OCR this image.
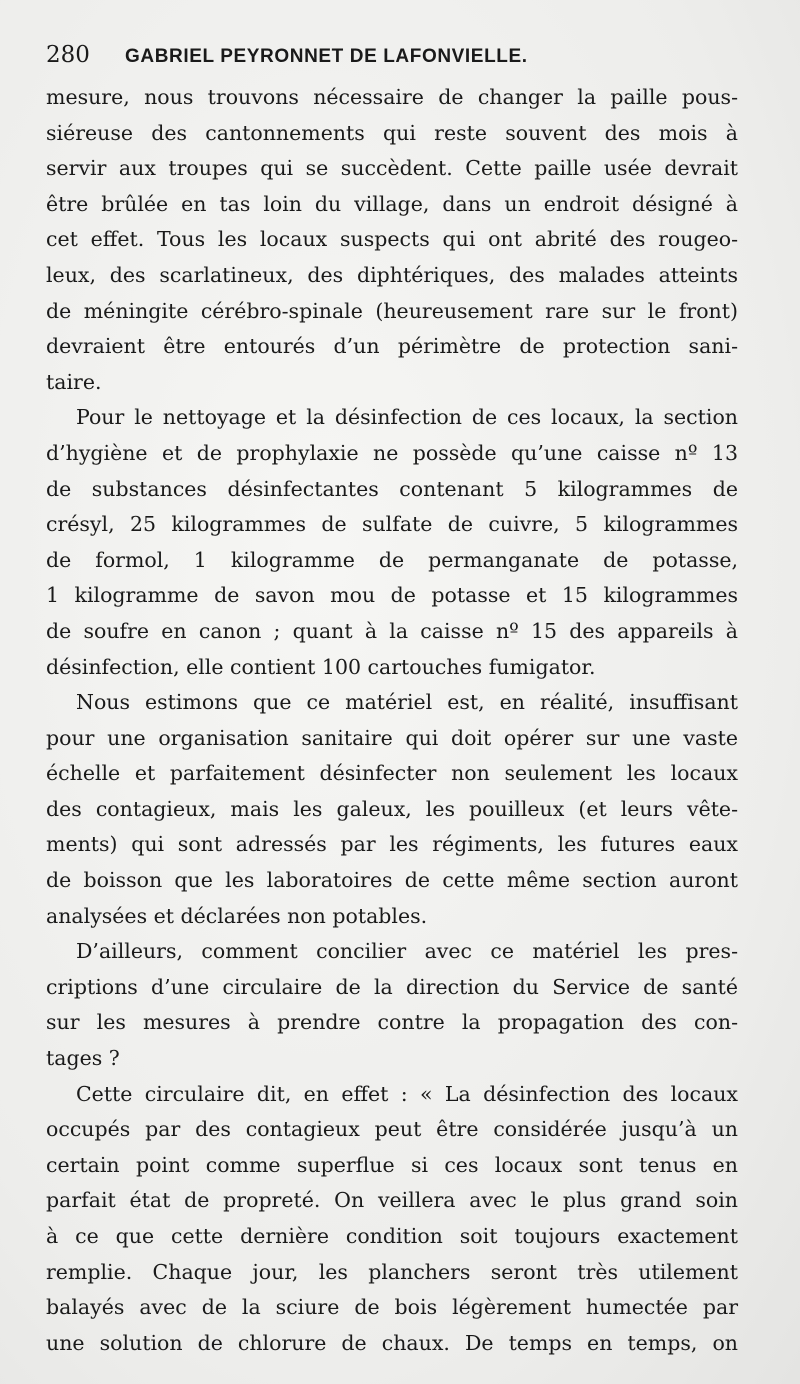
280 GABRIEL PEYRONNET DE LAFONVIELLE.
mesure, nous trouvons nécessaire de changer la paille pous-
siéreuse des cantonnements qui reste souvent des mois à
servir aux troupes qui se succèdent. Cette paille usée devrait
être brûlée en tas loin du village, dans un endroit désigné à
cet effet. Tous les locaux suspects qui ont abrité des rougeo-
leux, des scarlatineux, des diphtériques, des malades atteints
de méningite cérébro-spinale (heureusement rare sur le front)
devraient être entourés d’un périmètre de protection sani-
taire.
Pour le nettoyage et la désinfection de ces locaux, la section
d’hygiène et de prophylaxie ne possède qu’une caisse nº 13
de substances désinfectantes contenant 5 kilogrammes de
crésyl, 25 kilogrammes de sulfate de cuivre, 5 kilogrammes
de formol, 1 kilogramme de permanganate de potasse,
1 kilogramme de savon mou de potasse et 15 kilogrammes
de soufre en canon ; quant à la caisse nº 15 des appareils à
désinfection, elle contient 100 cartouches fumigator.
Nous estimons que ce matériel est, en réalité, insuffisant
pour une organisation sanitaire qui doit opérer sur une vaste
échelle et parfaitement désinfecter non seulement les locaux
des contagieux, mais les galeux, les pouilleux (et leurs vête-
ments) qui sont adressés par les régiments, les futures eaux
de boisson que les laboratoires de cette même section auront
analysées et déclarées non potables.
D’ailleurs, comment concilier avec ce matériel les pres-
criptions d’une circulaire de la direction du Service de santé
sur les mesures à prendre contre la propagation des con-
tages ?
Cette circulaire dit, en effet : « La désinfection des locaux
occupés par des contagieux peut être considérée jusqu’à un
certain point comme superflue si ces locaux sont tenus en
parfait état de propreté. On veillera avec le plus grand soin
à ce que cette dernière condition soit toujours exactement
remplie. Chaque jour, les planchers seront très utilement
balayés avec de la sciure de bois légèrement humectée par
une solution de chlorure de chaux. De temps en temps, on
